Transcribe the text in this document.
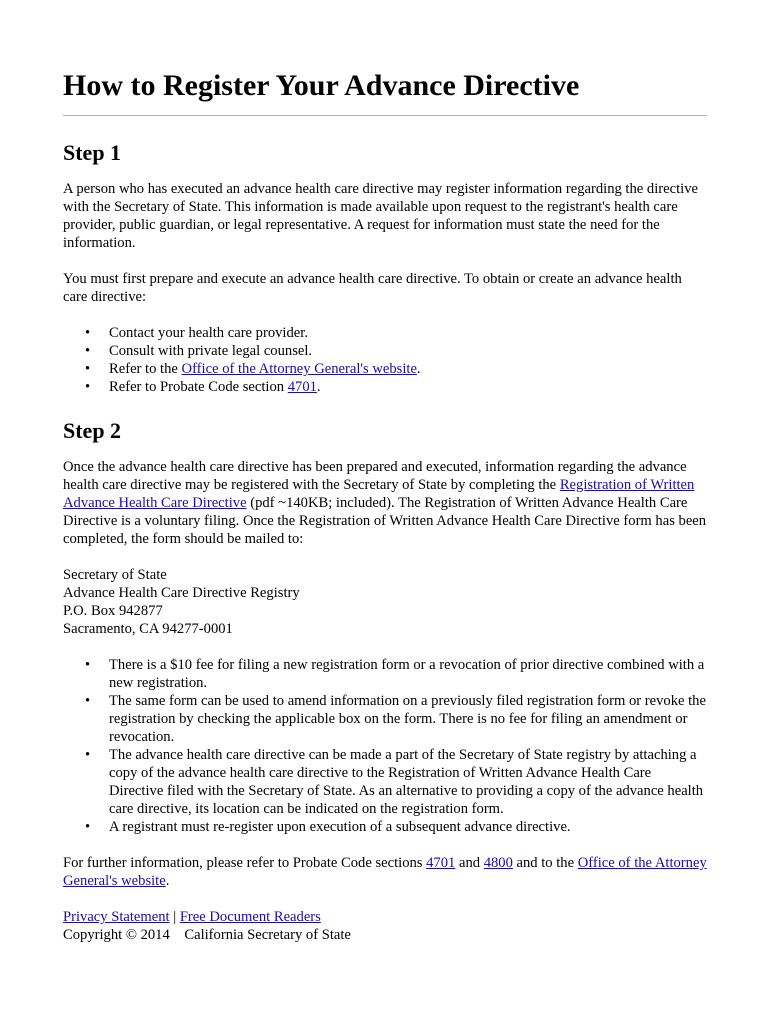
How to Register Your Advance Directive
Step 1

A person who has executed an advance health care directive may register information regarding the directive with the Secretary of State. This information is made available upon request to the registrant's health care provider, public guardian, or legal representative. A request for information must state the need for the information.

You must first prepare and execute an advance health care directive. To obtain or create an advance health care directive:

• Contact your health care provider.
• Consult with private legal counsel.
• Refer to the Office of the Attorney General's website.
• Refer to Probate Code section 4701.
Step 2

Once the advance health care directive has been prepared and executed, information regarding the advance health care directive may be registered with the Secretary of State by completing the Registration of Written Advance Health Care Directive (pdf ~140KB; included). The Registration of Written Advance Health Care Directive is a voluntary filing. Once the Registration of Written Advance Health Care Directive form has been completed, the form should be mailed to:

Secretary of State
Advance Health Care Directive Registry
P.O. Box 942877
Sacramento, CA 94277-0001
• There is a $10 fee for filing a new registration form or a revocation of prior directive combined with a new registration.
• The same form can be used to amend information on a previously filed registration form or revoke the registration by checking the applicable box on the form. There is no fee for filing an amendment or revocation.
• The advance health care directive can be made a part of the Secretary of State registry by attaching a copy of the advance health care directive to the Registration of Written Advance Health Care Directive filed with the Secretary of State. As an alternative to providing a copy of the advance health care directive, its location can be indicated on the registration form.
• A registrant must re-register upon execution of a subsequent advance directive.

For further information, please refer to Probate Code sections 4701 and 4800 and to the Office of the Attorney General's website.

Privacy Statement | Free Document Readers
Copyright © 2014    California Secretary of State
